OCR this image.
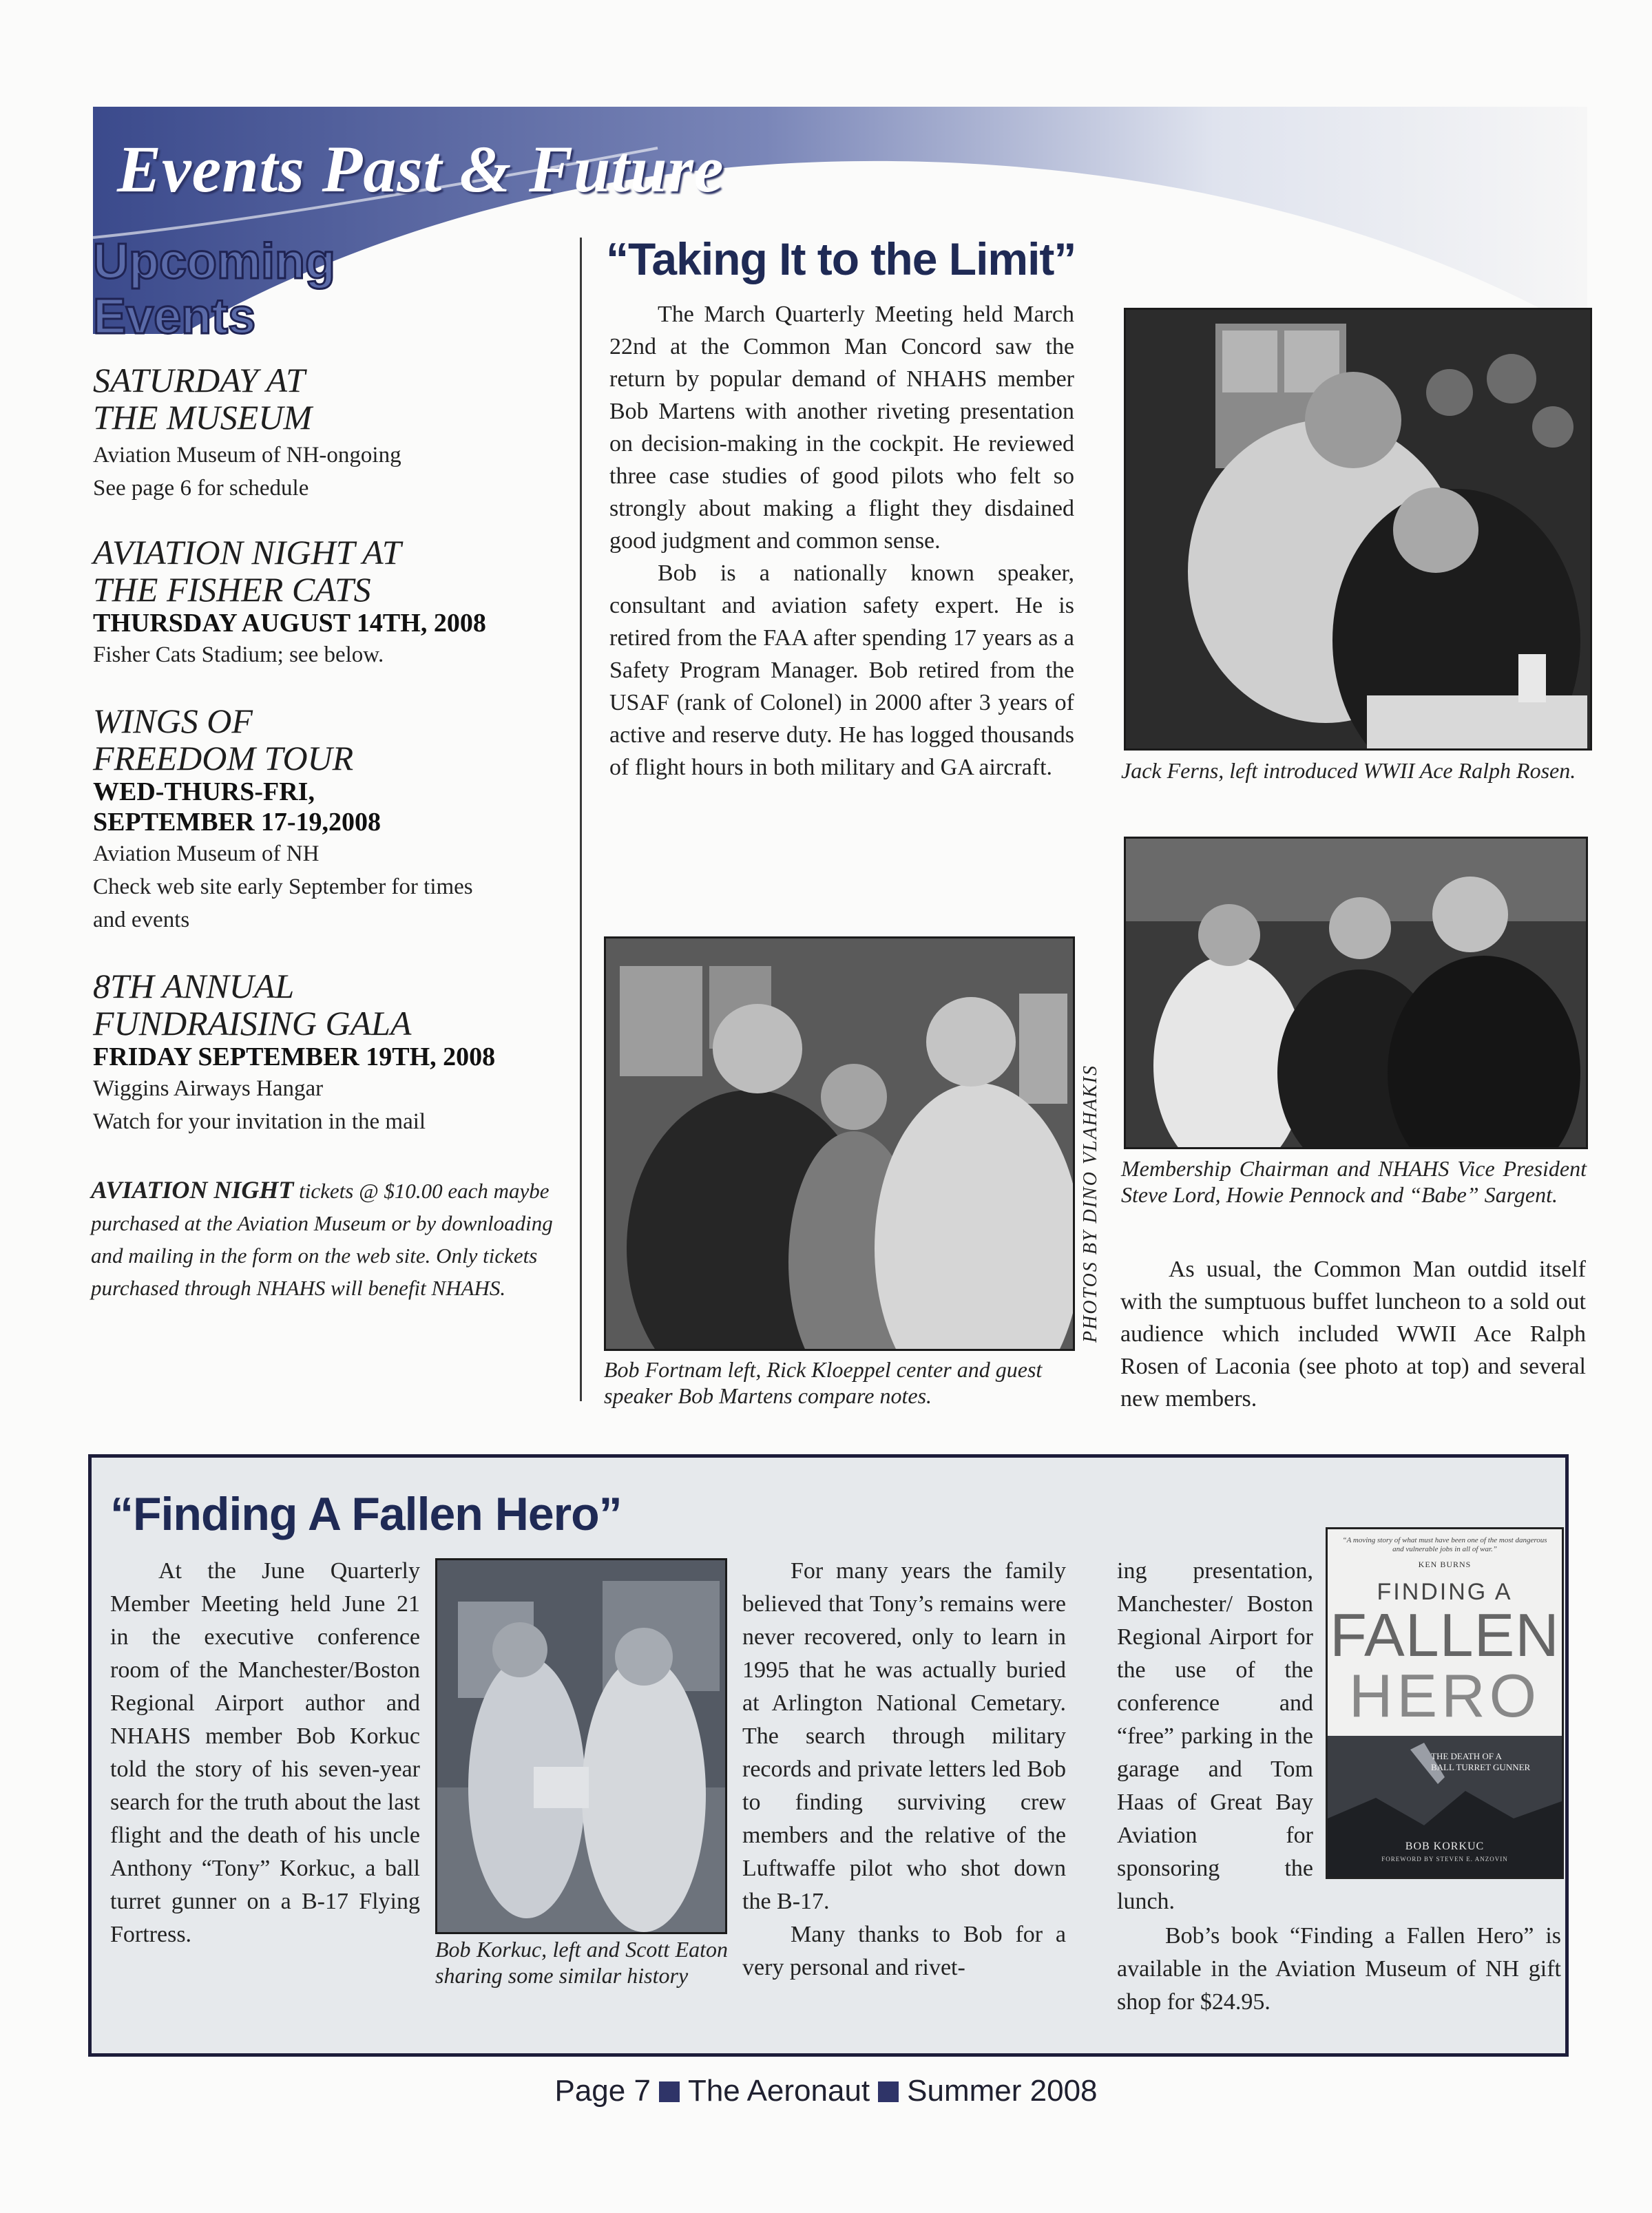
Events Past & Future
Upcoming
Events
SATURDAY AT
THE MUSEUM
Aviation Museum of NH-ongoing
See page 6 for schedule
AVIATION NIGHT AT
THE FISHER CATS
THURSDAY AUGUST 14TH, 2008
Fisher Cats Stadium; see below.
WINGS OF
FREEDOM TOUR
WED-THURS-FRI,
SEPTEMBER 17-19,2008
Aviation Museum of NH
Check web site early September for times
and events
8TH ANNUAL
FUNDRAISING GALA
FRIDAY SEPTEMBER 19TH, 2008
Wiggins Airways Hangar
Watch for your invitation in the mail
AVIATION NIGHT tickets @ $10.00 each maybe purchased at the Aviation Museum or by downloading and mailing in the form on the web site. Only tickets purchased through NHAHS will benefit NHAHS.
“Taking It to the Limit”

The March Quarterly Meeting held March 22nd at the Common Man Concord saw the return by popular demand of NHAHS member Bob Martens with another riveting presentation on decision-making in the cockpit. He reviewed three case studies of good pilots who felt so strongly about making a flight they disdained good judgment and common sense.

Bob is a nationally known speaker, consultant and aviation safety expert. He is retired from the FAA after spending 17 years as a Safety Program Manager. Bob retired from the USAF (rank of Colonel) in 2000 after 3 years of active and reserve duty. He has logged thousands of flight hours in both military and GA aircraft.	Jack Ferns, left introduced WWII Ace Ralph Rosen.
PHOTOS BY DINO VLAHAKIS
Bob Fortnam left, Rick Kloeppel center and guest speaker Bob Martens compare notes.
Membership Chairman and NHAHS Vice President Steve Lord, Howie Pennock and “Babe” Sargent.

As usual, the Common Man outdid itself with the sumptuous buffet luncheon to a sold out audience which included WWII Ace Ralph Rosen of Laconia (see photo at top) and several new members.

“Finding A Fallen Hero”

At the June Quarterly Member Meeting held June 21 in the executive conference room of the Manchester/Boston Regional Airport author and NHAHS member Bob Korkuc told the story of his seven-year search for the truth about the last flight and the death of his uncle Anthony “Tony” Korkuc, a ball turret gunner on a B-17 Flying Fortress.

Bob Korkuc, left and Scott Eaton sharing some similar history

For many years the family believed that Tony’s remains were never recovered, only to learn in 1995 that he was actually buried at Arlington National Cemetary. The search through military records and private letters led Bob to finding surviving crew members and the relative of the Luftwaffe pilot who shot down the B-17.

Many thanks to Bob for a very personal and rivet-

ing presentation, Manchester/ Boston Regional Airport for the use of the conference and “free” parking in the garage and Tom Haas of Great Bay Aviation for sponsoring the lunch.

Bob’s book “Finding a Fallen Hero” is available in the Aviation Museum of NH gift shop for $24.95.

“A moving story of what must have been one of the most dangerous and vulnerable jobs in all of war.”
KEN BURNS
FINDING A
FALLEN
HERO
THE DEATH OF A
BALL TURRET GUNNER
BOB KORKUC
FOREWORD BY STEVEN E. ANZOVIN
Page 7 The Aeronaut Summer 2008
